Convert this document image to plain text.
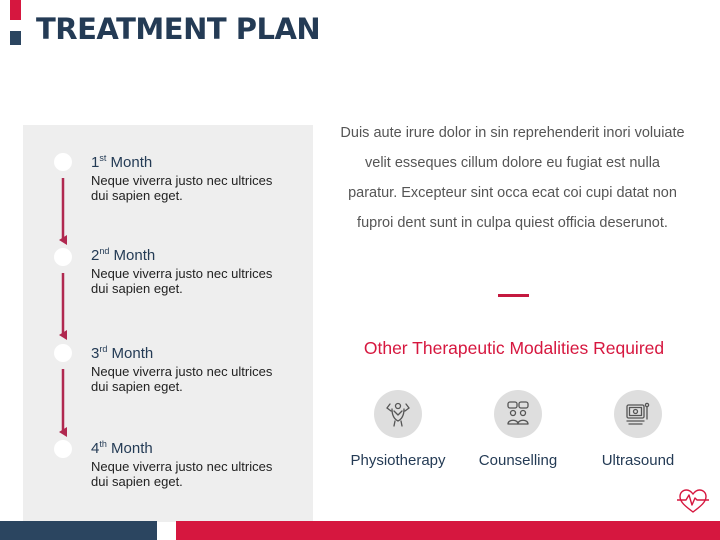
TREATMENT PLAN
1st Month
Neque viverra justo nec ultrices dui sapien eget.
2nd Month
Neque viverra justo nec ultrices dui sapien eget.
3rd Month
Neque viverra justo nec ultrices dui sapien eget.
4th Month
Neque viverra justo nec ultrices dui sapien eget.

Duis aute irure dolor in sin reprehenderit inori voluiate velit esseques cillum dolore eu fugiat est nulla paratur. Excepteur sint occa ecat coi cupi datat non fuproi dent sunt in culpa quiest officia deserunot.

Other Therapeutic Modalities Required
Physiotherapy	Counselling	Ultrasound
